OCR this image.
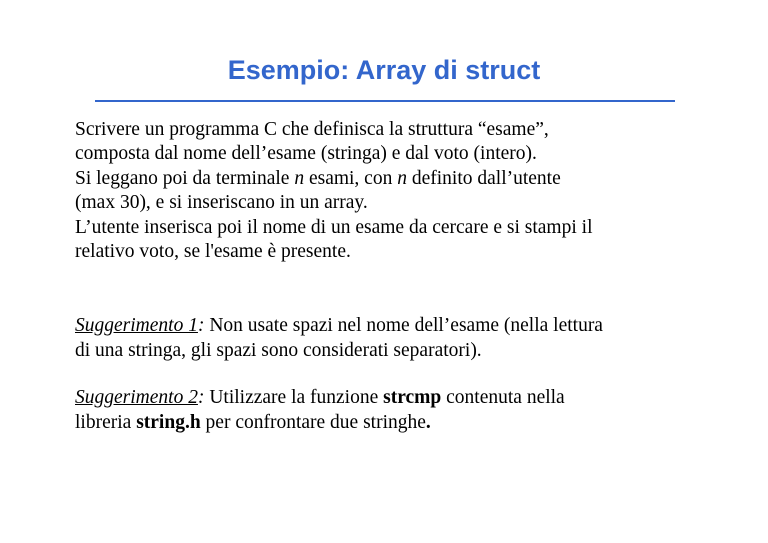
Esempio: Array di struct

Scrivere un programma C che definisca la struttura “esame”,
composta dal nome dell’esame (stringa) e dal voto (intero).
Si leggano poi da terminale n esami, con n definito dall’utente
(max 30), e si inseriscano in un array.
L’utente inserisca poi il nome di un esame da cercare e si stampi il
relativo voto, se l'esame è presente.

Suggerimento 1: Non usate spazi nel nome dell’esame (nella lettura
di una stringa, gli spazi sono considerati separatori).

Suggerimento 2: Utilizzare la funzione strcmp contenuta nella
libreria string.h per confrontare due stringhe.
